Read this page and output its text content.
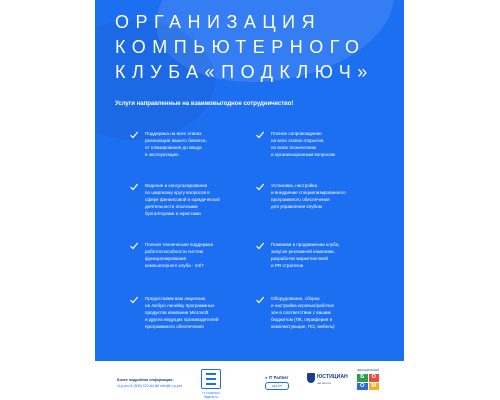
ОРГАНИЗАЦИЯ
КОМПЬЮТЕРНОГО
КЛУБА«ПОДКЛЮЧ»
Услуги направленные на взаимовыгодное сотрудничество!
Поддержка на всех этапах
реализации вашего бизнеса,
от планирования до ввода
в эксплуатацию
Полное сопровождение
на всех этапах открытия,
по всем техническим
и организационным вопросам
Ведение и консультирование
по широкому кругу вопросов в
сфере финансовой и юридической
деятельности опытными
бухгалтерами и юристами
Установка, настройка
и внедрение специализированного
программного обеспечения
для управления клубом
Полная техническая поддержка
работоспособности систем
функционирования
компьютерного клуба - 24/7
Поможем в продвижении клуба,
запуске рекламной кампании,
разработке маркетинговой
и PR стратегии
Предоставим вам лицензию
на любую линейку программных
продуктов компании Microsoft
и других ведущих производителей
программного обеспечения
Оборудование, сборка
и настройка игровых/рабочих
зон в соответствии с вашим
бюджетом (ПК, периферия и
комплектующие, ПО, мебель)
Более подробная информация:
i-t-p.pro 8 (800) 222-64-88 info@i-t-p.pro
IT ГАЛЕРЕЯ
itlgera.ru
● IT Partner
HELPIT
ЮСТИЦИАН
ust.com.ru
ЭДУКАЦИОННЫЙ
Б	О
О	М
